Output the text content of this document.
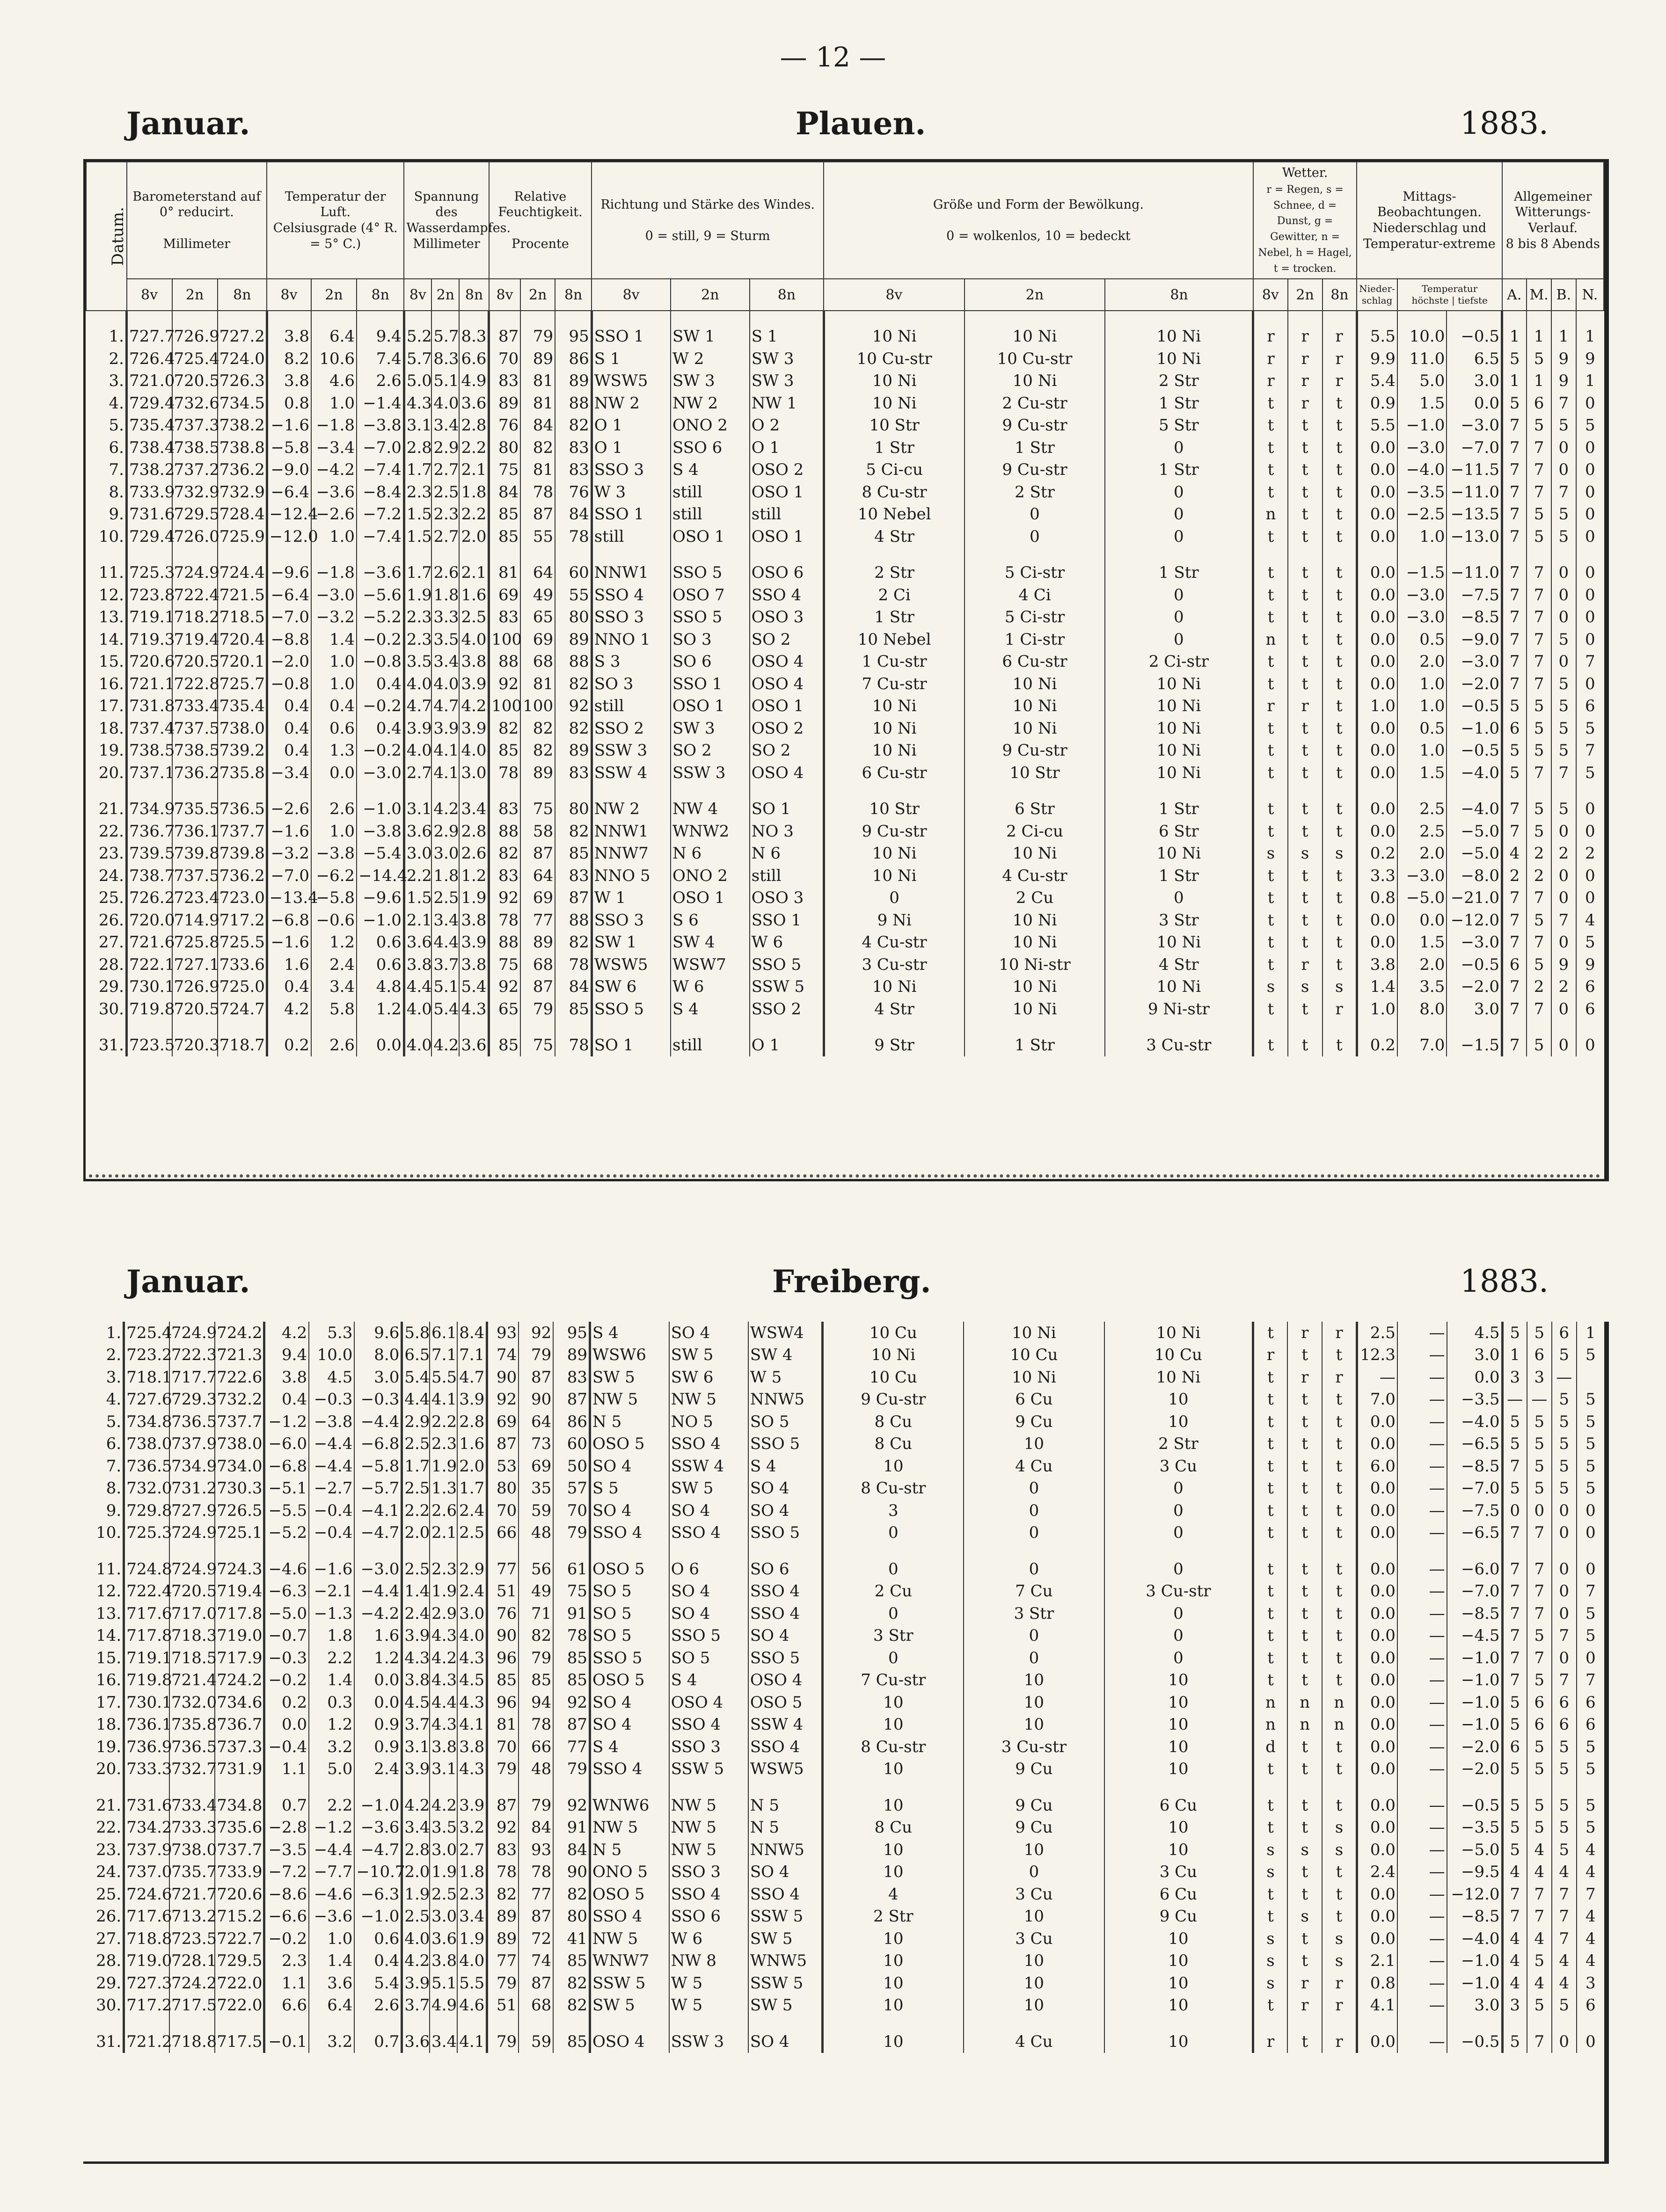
— 12 —
Januar.	Plauen.	1883.
Datum.	Barometerstand auf 0° reducirt.

Millimeter			Temperatur der Luft.
Celsiusgrade (4° R. = 5° C.)			Spannung des Wasserdampfes.
Millimeter			Relative Feuchtigkeit.

Procente			Richtung und Stärke des Windes.

0 = still, 9 = Sturm			Größe und Form der Bewölkung.

0 = wolkenlos, 10 = bedeckt			Wetter.
r = Regen, s = Schnee, d = Dunst, g = Gewitter, n = Nebel, h = Hagel, t = trocken.			Mittags-Beobachtungen.
Niederschlag und Temperatur-extreme			Allgemeiner Witterungs-Verlauf.
8 bis 8 Abends			
	8v	2n	8n	8v	2n	8n	8v	2n	8n	8v	2n	8n	8v	2n	8n	8v	2n	8n	8v	2n	8n	Nieder-schlag	Temperatur
höchste | tiefste		A.	M.	B.	N.

1.	727.7	726.9	727.2	3.8	6.4	9.4	5.2	5.7	8.3	87	79	95	SSO 1	SW 1	S 1	10 Ni	10 Ni	10 Ni	r	r	r	5.5	10.0	−0.5	1	1	1	1
2.	726.4	725.4	724.0	8.2	10.6	7.4	5.7	8.3	6.6	70	89	86	S 1	W 2	SW 3	10 Cu-str	10 Cu-str	10 Ni	r	r	r	9.9	11.0	6.5	5	5	9	9
3.	721.0	720.5	726.3	3.8	4.6	2.6	5.0	5.1	4.9	83	81	89	WSW5	SW 3	SW 3	10 Ni	10 Ni	2 Str	r	r	r	5.4	5.0	3.0	1	1	9	1
4.	729.4	732.6	734.5	0.8	1.0	−1.4	4.3	4.0	3.6	89	81	88	NW 2	NW 2	NW 1	10 Ni	2 Cu-str	1 Str	t	r	t	0.9	1.5	0.0	5	6	7	0
5.	735.4	737.3	738.2	−1.6	−1.8	−3.8	3.1	3.4	2.8	76	84	82	O 1	ONO 2	O 2	10 Str	9 Cu-str	5 Str	t	t	t	5.5	−1.0	−3.0	7	5	5	5
6.	738.4	738.5	738.8	−5.8	−3.4	−7.0	2.8	2.9	2.2	80	82	83	O 1	SSO 6	O 1	1 Str	1 Str	0	t	t	t	0.0	−3.0	−7.0	7	7	0	0
7.	738.2	737.2	736.2	−9.0	−4.2	−7.4	1.7	2.7	2.1	75	81	83	SSO 3	S 4	OSO 2	5 Ci-cu	9 Cu-str	1 Str	t	t	t	0.0	−4.0	−11.5	7	7	0	0
8.	733.9	732.9	732.9	−6.4	−3.6	−8.4	2.3	2.5	1.8	84	78	76	W 3	still	OSO 1	8 Cu-str	2 Str	0	t	t	t	0.0	−3.5	−11.0	7	7	7	0
9.	731.6	729.5	728.4	−12.4	−2.6	−7.2	1.5	2.3	2.2	85	87	84	SSO 1	still	still	10 Nebel	0	0	n	t	t	0.0	−2.5	−13.5	7	5	5	0
10.	729.4	726.0	725.9	−12.0	1.0	−7.4	1.5	2.7	2.0	85	55	78	still	OSO 1	OSO 1	4 Str	0	0	t	t	t	0.0	1.0	−13.0	7	5	5	0

11.	725.3	724.9	724.4	−9.6	−1.8	−3.6	1.7	2.6	2.1	81	64	60	NNW1	SSO 5	OSO 6	2 Str	5 Ci-str	1 Str	t	t	t	0.0	−1.5	−11.0	7	7	0	0
12.	723.8	722.4	721.5	−6.4	−3.0	−5.6	1.9	1.8	1.6	69	49	55	SSO 4	OSO 7	SSO 4	2 Ci	4 Ci	0	t	t	t	0.0	−3.0	−7.5	7	7	0	0
13.	719.1	718.2	718.5	−7.0	−3.2	−5.2	2.3	3.3	2.5	83	65	80	SSO 3	SSO 5	OSO 3	1 Str	5 Ci-str	0	t	t	t	0.0	−3.0	−8.5	7	7	0	0
14.	719.3	719.4	720.4	−8.8	1.4	−0.2	2.3	3.5	4.0	100	69	89	NNO 1	SO 3	SO 2	10 Nebel	1 Ci-str	0	n	t	t	0.0	0.5	−9.0	7	7	5	0
15.	720.6	720.5	720.1	−2.0	1.0	−0.8	3.5	3.4	3.8	88	68	88	S 3	SO 6	OSO 4	1 Cu-str	6 Cu-str	2 Ci-str	t	t	t	0.0	2.0	−3.0	7	7	0	7
16.	721.1	722.8	725.7	−0.8	1.0	0.4	4.0	4.0	3.9	92	81	82	SO 3	SSO 1	OSO 4	7 Cu-str	10 Ni	10 Ni	t	t	t	0.0	1.0	−2.0	7	7	5	0
17.	731.8	733.4	735.4	0.4	0.4	−0.2	4.7	4.7	4.2	100	100	92	still	OSO 1	OSO 1	10 Ni	10 Ni	10 Ni	r	r	t	1.0	1.0	−0.5	5	5	5	6
18.	737.4	737.5	738.0	0.4	0.6	0.4	3.9	3.9	3.9	82	82	82	SSO 2	SW 3	OSO 2	10 Ni	10 Ni	10 Ni	t	t	t	0.0	0.5	−1.0	6	5	5	5
19.	738.5	738.5	739.2	0.4	1.3	−0.2	4.0	4.1	4.0	85	82	89	SSW 3	SO 2	SO 2	10 Ni	9 Cu-str	10 Ni	t	t	t	0.0	1.0	−0.5	5	5	5	7
20.	737.1	736.2	735.8	−3.4	0.0	−3.0	2.7	4.1	3.0	78	89	83	SSW 4	SSW 3	OSO 4	6 Cu-str	10 Str	10 Ni	t	t	t	0.0	1.5	−4.0	5	7	7	5

21.	734.9	735.5	736.5	−2.6	2.6	−1.0	3.1	4.2	3.4	83	75	80	NW 2	NW 4	SO 1	10 Str	6 Str	1 Str	t	t	t	0.0	2.5	−4.0	7	5	5	0
22.	736.7	736.1	737.7	−1.6	1.0	−3.8	3.6	2.9	2.8	88	58	82	NNW1	WNW2	NO 3	9 Cu-str	2 Ci-cu	6 Str	t	t	t	0.0	2.5	−5.0	7	5	0	0
23.	739.5	739.8	739.8	−3.2	−3.8	−5.4	3.0	3.0	2.6	82	87	85	NNW7	N 6	N 6	10 Ni	10 Ni	10 Ni	s	s	s	0.2	2.0	−5.0	4	2	2	2
24.	738.7	737.5	736.2	−7.0	−6.2	−14.4	2.2	1.8	1.2	83	64	83	NNO 5	ONO 2	still	10 Ni	4 Cu-str	1 Str	t	t	t	3.3	−3.0	−8.0	2	2	0	0
25.	726.2	723.4	723.0	−13.4	−5.8	−9.6	1.5	2.5	1.9	92	69	87	W 1	OSO 1	OSO 3	0	2 Cu	0	t	t	t	0.8	−5.0	−21.0	7	7	0	0
26.	720.0	714.9	717.2	−6.8	−0.6	−1.0	2.1	3.4	3.8	78	77	88	SSO 3	S 6	SSO 1	9 Ni	10 Ni	3 Str	t	t	t	0.0	0.0	−12.0	7	5	7	4
27.	721.6	725.8	725.5	−1.6	1.2	0.6	3.6	4.4	3.9	88	89	82	SW 1	SW 4	W 6	4 Cu-str	10 Ni	10 Ni	t	t	t	0.0	1.5	−3.0	7	7	0	5
28.	722.1	727.1	733.6	1.6	2.4	0.6	3.8	3.7	3.8	75	68	78	WSW5	WSW7	SSO 5	3 Cu-str	10 Ni-str	4 Str	t	r	t	3.8	2.0	−0.5	6	5	9	9
29.	730.1	726.9	725.0	0.4	3.4	4.8	4.4	5.1	5.4	92	87	84	SW 6	W 6	SSW 5	10 Ni	10 Ni	10 Ni	s	s	s	1.4	3.5	−2.0	7	2	2	6
30.	719.8	720.5	724.7	4.2	5.8	1.2	4.0	5.4	4.3	65	79	85	SSO 5	S 4	SSO 2	4 Str	10 Ni	9 Ni-str	t	t	r	1.0	8.0	3.0	7	7	0	6

31.	723.5	720.3	718.7	0.2	2.6	0.0	4.0	4.2	3.6	85	75	78	SO 1	still	O 1	9 Str	1 Str	3 Cu-str	t	t	t	0.2	7.0	−1.5	7	5	0	0
Januar.	Freiberg.	1883.
1.	725.4	724.9	724.2	4.2	5.3	9.6	5.8	6.1	8.4	93	92	95	S 4	SO 4	WSW4	10 Cu	10 Ni	10 Ni	t	r	r	2.5	—	4.5	5	5	6	1
2.	723.2	722.3	721.3	9.4	10.0	8.0	6.5	7.1	7.1	74	79	89	WSW6	SW 5	SW 4	10 Ni	10 Cu	10 Cu	r	t	t	12.3	—	3.0	1	6	5	5
3.	718.1	717.7	722.6	3.8	4.5	3.0	5.4	5.5	4.7	90	87	83	SW 5	SW 6	W 5	10 Cu	10 Ni	10 Ni	t	r	r	—	—	0.0	3	3	—	
4.	727.6	729.3	732.2	0.4	−0.3	−0.3	4.4	4.1	3.9	92	90	87	NW 5	NW 5	NNW5	9 Cu-str	6 Cu	10	t	t	t	7.0	—	−3.5	—	—	5	5
5.	734.8	736.5	737.7	−1.2	−3.8	−4.4	2.9	2.2	2.8	69	64	86	N 5	NO 5	SO 5	8 Cu	9 Cu	10	t	t	t	0.0	—	−4.0	5	5	5	5
6.	738.0	737.9	738.0	−6.0	−4.4	−6.8	2.5	2.3	1.6	87	73	60	OSO 5	SSO 4	SSO 5	8 Cu	10	2 Str	t	t	t	0.0	—	−6.5	5	5	5	5
7.	736.5	734.9	734.0	−6.8	−4.4	−5.8	1.7	1.9	2.0	53	69	50	SO 4	SSW 4	S 4	10	4 Cu	3 Cu	t	t	t	6.0	—	−8.5	7	5	5	5
8.	732.0	731.2	730.3	−5.1	−2.7	−5.7	2.5	1.3	1.7	80	35	57	S 5	SW 5	SO 4	8 Cu-str	0	0	t	t	t	0.0	—	−7.0	5	5	5	5
9.	729.8	727.9	726.5	−5.5	−0.4	−4.1	2.2	2.6	2.4	70	59	70	SO 4	SO 4	SO 4	3	0	0	t	t	t	0.0	—	−7.5	0	0	0	0
10.	725.3	724.9	725.1	−5.2	−0.4	−4.7	2.0	2.1	2.5	66	48	79	SSO 4	SSO 4	SSO 5	0	0	0	t	t	t	0.0	—	−6.5	7	7	0	0

11.	724.8	724.9	724.3	−4.6	−1.6	−3.0	2.5	2.3	2.9	77	56	61	OSO 5	O 6	SO 6	0	0	0	t	t	t	0.0	—	−6.0	7	7	0	0
12.	722.4	720.5	719.4	−6.3	−2.1	−4.4	1.4	1.9	2.4	51	49	75	SO 5	SO 4	SSO 4	2 Cu	7 Cu	3 Cu-str	t	t	t	0.0	—	−7.0	7	7	0	7
13.	717.6	717.0	717.8	−5.0	−1.3	−4.2	2.4	2.9	3.0	76	71	91	SO 5	SO 4	SSO 4	0	3 Str	0	t	t	t	0.0	—	−8.5	7	7	0	5
14.	717.8	718.3	719.0	−0.7	1.8	1.6	3.9	4.3	4.0	90	82	78	SO 5	SSO 5	SO 4	3 Str	0	0	t	t	t	0.0	—	−4.5	7	5	7	5
15.	719.1	718.5	717.9	−0.3	2.2	1.2	4.3	4.2	4.3	96	79	85	SSO 5	SO 5	SSO 5	0	0	0	t	t	t	0.0	—	−1.0	7	7	0	0
16.	719.8	721.4	724.2	−0.2	1.4	0.0	3.8	4.3	4.5	85	85	85	OSO 5	S 4	OSO 4	7 Cu-str	10	10	t	t	t	0.0	—	−1.0	7	5	7	7
17.	730.1	732.0	734.6	0.2	0.3	0.0	4.5	4.4	4.3	96	94	92	SO 4	OSO 4	OSO 5	10	10	10	n	n	n	0.0	—	−1.0	5	6	6	6
18.	736.1	735.8	736.7	0.0	1.2	0.9	3.7	4.3	4.1	81	78	87	SO 4	SSO 4	SSW 4	10	10	10	n	n	n	0.0	—	−1.0	5	6	6	6
19.	736.9	736.5	737.3	−0.4	3.2	0.9	3.1	3.8	3.8	70	66	77	S 4	SSO 3	SSO 4	8 Cu-str	3 Cu-str	10	d	t	t	0.0	—	−2.0	6	5	5	5
20.	733.3	732.7	731.9	1.1	5.0	2.4	3.9	3.1	4.3	79	48	79	SSO 4	SSW 5	WSW5	10	9 Cu	10	t	t	t	0.0	—	−2.0	5	5	5	5

21.	731.6	733.4	734.8	0.7	2.2	−1.0	4.2	4.2	3.9	87	79	92	WNW6	NW 5	N 5	10	9 Cu	6 Cu	t	t	t	0.0	—	−0.5	5	5	5	5
22.	734.2	733.3	735.6	−2.8	−1.2	−3.6	3.4	3.5	3.2	92	84	91	NW 5	NW 5	N 5	8 Cu	9 Cu	10	t	t	s	0.0	—	−3.5	5	5	5	5
23.	737.9	738.0	737.7	−3.5	−4.4	−4.7	2.8	3.0	2.7	83	93	84	N 5	NW 5	NNW5	10	10	10	s	s	s	0.0	—	−5.0	5	4	5	4
24.	737.0	735.7	733.9	−7.2	−7.7	−10.7	2.0	1.9	1.8	78	78	90	ONO 5	SSO 3	SO 4	10	0	3 Cu	s	t	t	2.4	—	−9.5	4	4	4	4
25.	724.6	721.7	720.6	−8.6	−4.6	−6.3	1.9	2.5	2.3	82	77	82	OSO 5	SSO 4	SSO 4	4	3 Cu	6 Cu	t	t	t	0.0	—	−12.0	7	7	7	7
26.	717.6	713.2	715.2	−6.6	−3.6	−1.0	2.5	3.0	3.4	89	87	80	SSO 4	SSO 6	SSW 5	2 Str	10	9 Cu	t	s	t	0.0	—	−8.5	7	7	7	4
27.	718.8	723.5	722.7	−0.2	1.0	0.6	4.0	3.6	1.9	89	72	41	NW 5	W 6	SW 5	10	3 Cu	10	s	t	s	0.0	—	−4.0	4	4	7	4
28.	719.0	728.1	729.5	2.3	1.4	0.4	4.2	3.8	4.0	77	74	85	WNW7	NW 8	WNW5	10	10	10	s	t	s	2.1	—	−1.0	4	5	4	4
29.	727.3	724.2	722.0	1.1	3.6	5.4	3.9	5.1	5.5	79	87	82	SSW 5	W 5	SSW 5	10	10	10	s	r	r	0.8	—	−1.0	4	4	4	3
30.	717.2	717.5	722.0	6.6	6.4	2.6	3.7	4.9	4.6	51	68	82	SW 5	W 5	SW 5	10	10	10	t	r	r	4.1	—	3.0	3	5	5	6

31.	721.2	718.8	717.5	−0.1	3.2	0.7	3.6	3.4	4.1	79	59	85	OSO 4	SSW 3	SO 4	10	4 Cu	10	r	t	r	0.0	—	−0.5	5	7	0	0
